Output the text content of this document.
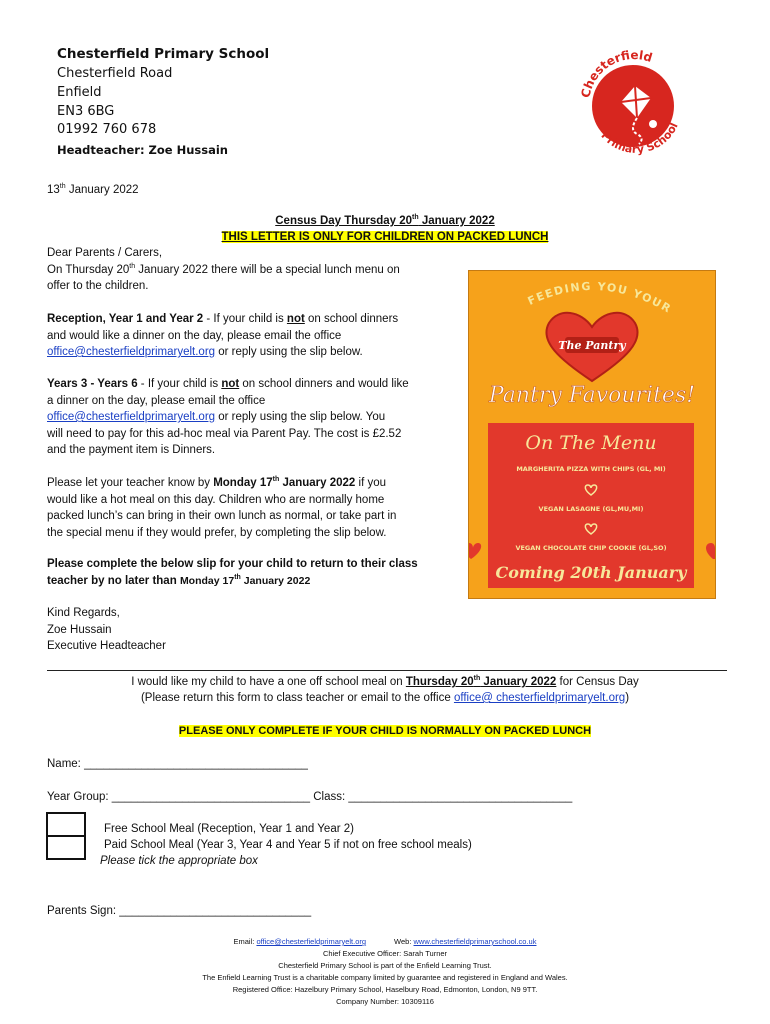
Chesterfield Primary School
Chesterfield Road
Enfield
EN3 6BG
01992 760 678
Headteacher: Zoe Hussain
Chesterfield
Primary School
13th January 2022
Census Day Thursday 20th January 2022
THIS LETTER IS ONLY FOR CHILDREN ON PACKED LUNCH
Dear Parents / Carers,
On Thursday 20th January 2022 there will be a special lunch menu on
offer to the children.
Reception, Year 1 and Year 2 - If your child is not on school dinners
and would like a dinner on the day, please email the office
office@chesterfieldprimaryelt.org or reply using the slip below.
Years 3 - Years 6 - If your child is not on school dinners and would like
a dinner on the day, please email the office
office@chesterfieldprimaryelt.org or reply using the slip below. You
will need to pay for this ad-hoc meal via Parent Pay. The cost is £2.52
and the payment item is Dinners.
Please let your teacher know by Monday 17th January 2022 if you
would like a hot meal on this day. Children who are normally home
packed lunch’s can bring in their own lunch as normal, or take part in
the special menu if they would prefer, by completing the slip below.
Please complete the below slip for your child to return to their class
teacher by no later than Monday 17th January 2022
Kind Regards,
Zoe Hussain
Executive Headteacher
FEEDING YOU YOUR
The Pantry
Pantry Favourites!
On The Menu
MARGHERITA PIZZA WITH CHIPS (GL, MI)
VEGAN LASAGNE (GL,MU,MI)
VEGAN CHOCOLATE CHIP COOKIE (GL,SO)
Coming 20th January
I would like my child to have a one off school meal on Thursday 20th January 2022 for Census Day
(Please return this form to class teacher or email to the office office@ chesterfieldprimaryelt.org)
PLEASE ONLY COMPLETE IF YOUR CHILD IS NORMALLY ON PACKED LUNCH
Name: ___________________________________
Year Group: _______________________________ Class: ___________________________________
Free School Meal (Reception, Year 1 and Year 2)
Paid School Meal (Year 3, Year 4 and Year 5 if not on free school meals)
Please tick the appropriate box
Parents Sign: ______________________________
Email: office@chesterfieldprimaryelt.org	Web: www.chesterfieldprimaryschool.co.uk
Chief Executive Officer: Sarah Turner
Chesterfield Primary School is part of the Enfield Learning Trust.
The Enfield Learning Trust is a charitable company limited by guarantee and registered in England and Wales.
Registered Office: Hazelbury Primary School, Haselbury Road, Edmonton, London, N9 9TT.
Company Number: 10309116
